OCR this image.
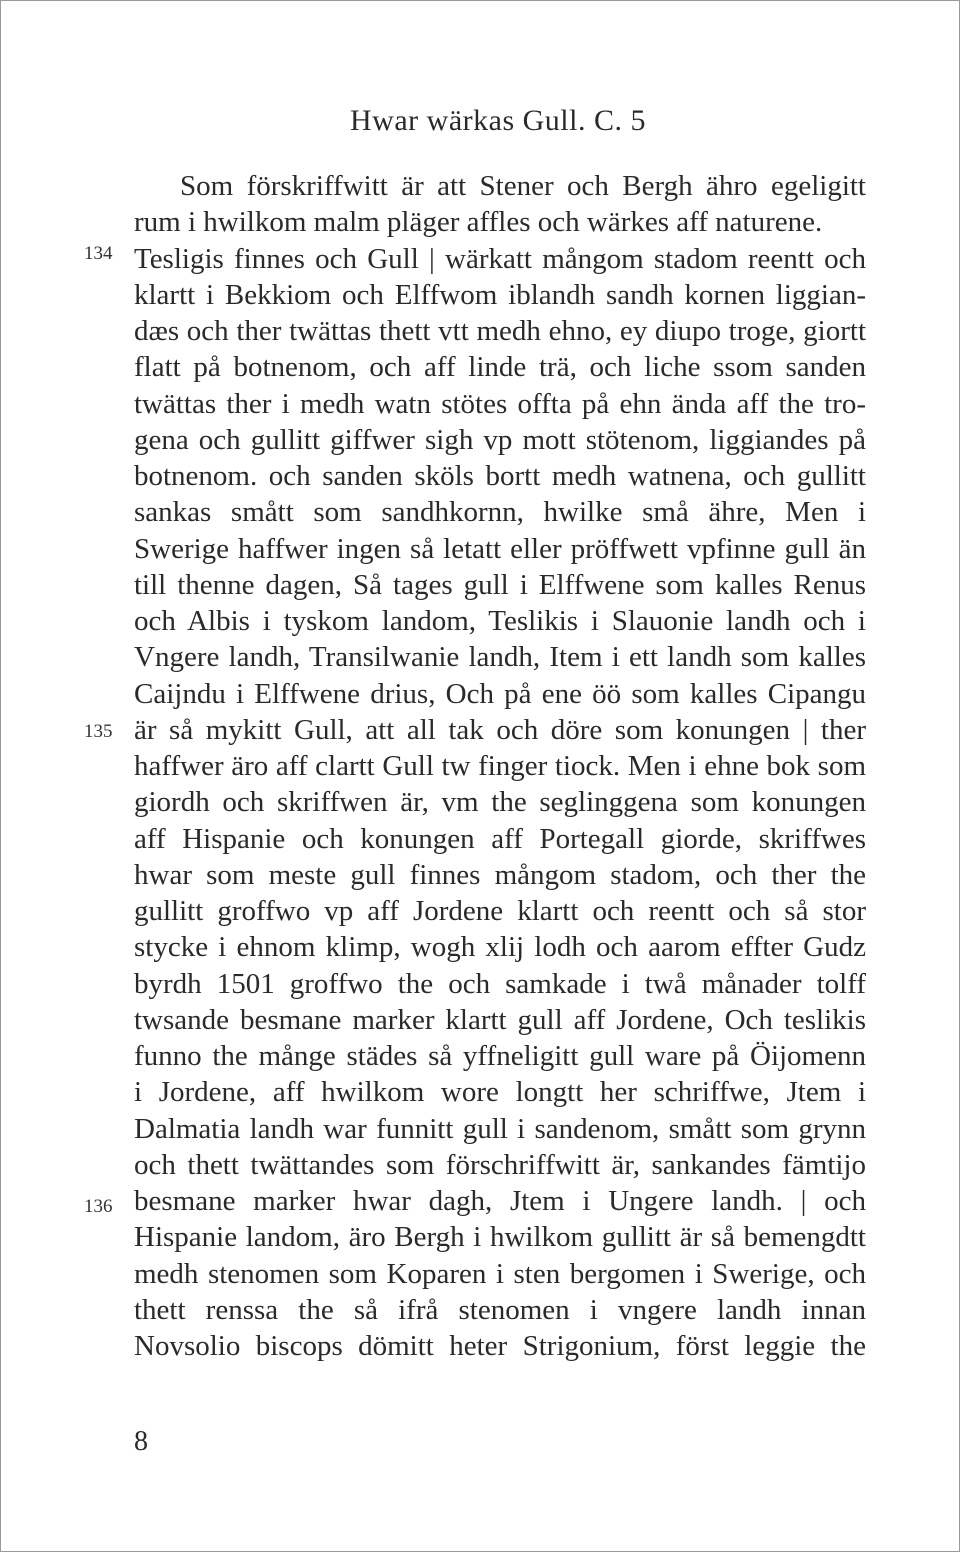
Hwar wärkas Gull. C. 5
134
135
136
Som förskriffwitt är att Stener och Bergh ähro egeligitt
rum i hwilkom malm pläger affles och wärkes aff naturene.
Tesligis finnes och Gull | wärkatt mångom stadom reentt och
klartt i Bekkiom och Elffwom iblandh sandh kornen liggian-
dæs och ther twättas thett vtt medh ehno, ey diupo troge, giortt
flatt på botnenom, och aff linde trä, och liche ssom sanden
twättas ther i medh watn stötes offta på ehn ända aff the tro-
gena och gullitt giffwer sigh vp mott stötenom, liggiandes på
botnenom. och sanden sköls bortt medh watnena, och gullitt
sankas smått som sandhkornn, hwilke små ähre, Men i
Swerige haffwer ingen så letatt eller pröffwett vpfinne gull än
till thenne dagen, Så tages gull i Elffwene som kalles Renus
och Albis i tyskom landom, Teslikis i Slauonie landh och i
Vngere landh, Transilwanie landh, Item i ett landh som kalles
Caijndu i Elffwene drius, Och på ene öö som kalles Cipangu
är så mykitt Gull, att all tak och döre som konungen | ther
haffwer äro aff clartt Gull tw finger tiock. Men i ehne bok som
giordh och skriffwen är, vm the seglinggena som konungen
aff Hispanie och konungen aff Portegall giorde, skriffwes
hwar som meste gull finnes mångom stadom, och ther the
gullitt groffwo vp aff Jordene klartt och reentt och så stor
stycke i ehnom klimp, wogh xlij lodh och aarom effter Gudz
byrdh 1501 groffwo the och samkade i twå månader tolff
twsande besmane marker klartt gull aff Jordene, Och teslikis
funno the månge städes så yffneligitt gull ware på Öijomenn
i Jordene, aff hwilkom wore longtt her schriffwe, Jtem i
Dalmatia landh war funnitt gull i sandenom, smått som grynn
och thett twättandes som förschriffwitt är, sankandes fämtijo
besmane marker hwar dagh, Jtem i Ungere landh. | och
Hispanie landom, äro Bergh i hwilkom gullitt är så bemengdtt
medh stenomen som Koparen i sten bergomen i Swerige, och
thett renssa the så ifrå stenomen i vngere landh innan
Novsolio biscops dömitt heter Strigonium, först leggie the
8
